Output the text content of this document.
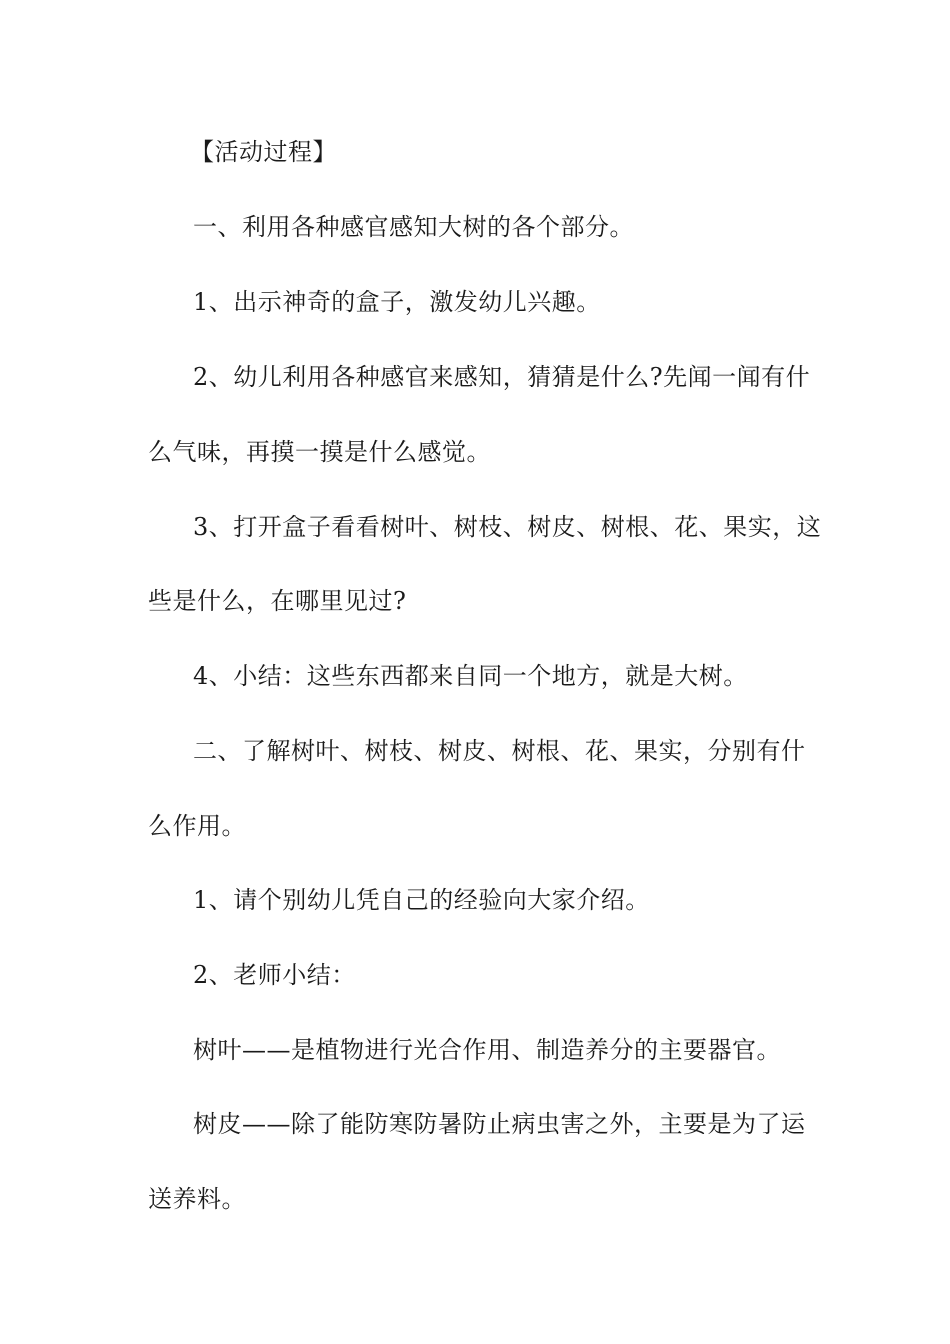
【活动过程】
一、利用各种感官感知大树的各个部分。
1、出示神奇的盒子，激发幼儿兴趣。
2、幼儿利用各种感官来感知，猜猜是什么?先闻一闻有什
么气味，再摸一摸是什么感觉。
3、打开盒子看看树叶、树枝、树皮、树根、花、果实，这
些是什么，在哪里见过?
4、小结：这些东西都来自同一个地方，就是大树。
二、了解树叶、树枝、树皮、树根、花、果实，分别有什
么作用。
1、请个别幼儿凭自己的经验向大家介绍。
2、老师小结：
树叶——是植物进行光合作用、制造养分的主要器官。
树皮——除了能防寒防暑防止病虫害之外，主要是为了运
送养料。
